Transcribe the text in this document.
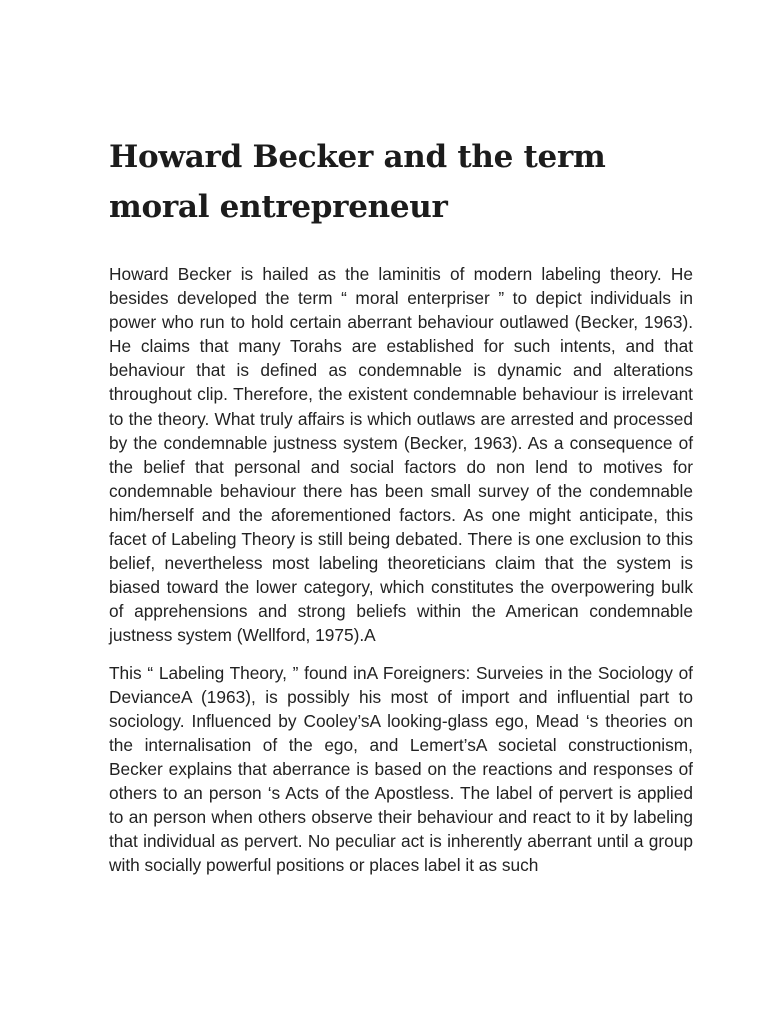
Howard Becker and the term moral entrepreneur

Howard Becker is hailed as the laminitis of modern labeling theory. He besides developed the term “ moral enterpriser ” to depict individuals in power who run to hold certain aberrant behaviour outlawed (Becker, 1963). He claims that many Torahs are established for such intents, and that behaviour that is defined as condemnable is dynamic and alterations throughout clip. Therefore, the existent condemnable behaviour is irrelevant to the theory. What truly affairs is which outlaws are arrested and processed by the condemnable justness system (Becker, 1963). As a consequence of the belief that personal and social factors do non lend to motives for condemnable behaviour there has been small survey of the condemnable him/herself and the aforementioned factors. As one might anticipate, this facet of Labeling Theory is still being debated. There is one exclusion to this belief, nevertheless most labeling theoreticians claim that the system is biased toward the lower category, which constitutes the overpowering bulk of apprehensions and strong beliefs within the American condemnable justness system (Wellford, 1975).A

This “ Labeling Theory, ” found inA Foreigners: Surveies in the Sociology of DevianceA (1963), is possibly his most of import and influential part to sociology. Influenced by Cooley’sA looking-glass ego, Mead ‘s theories on the internalisation of the ego, and Lemert’sA societal constructionism, Becker explains that aberrance is based on the reactions and responses of others to an person ‘s Acts of the Apostless. The label of pervert is applied to an person when others observe their behaviour and react to it by labeling that individual as pervert. No peculiar act is inherently aberrant until a group with socially powerful positions or places label it as such
